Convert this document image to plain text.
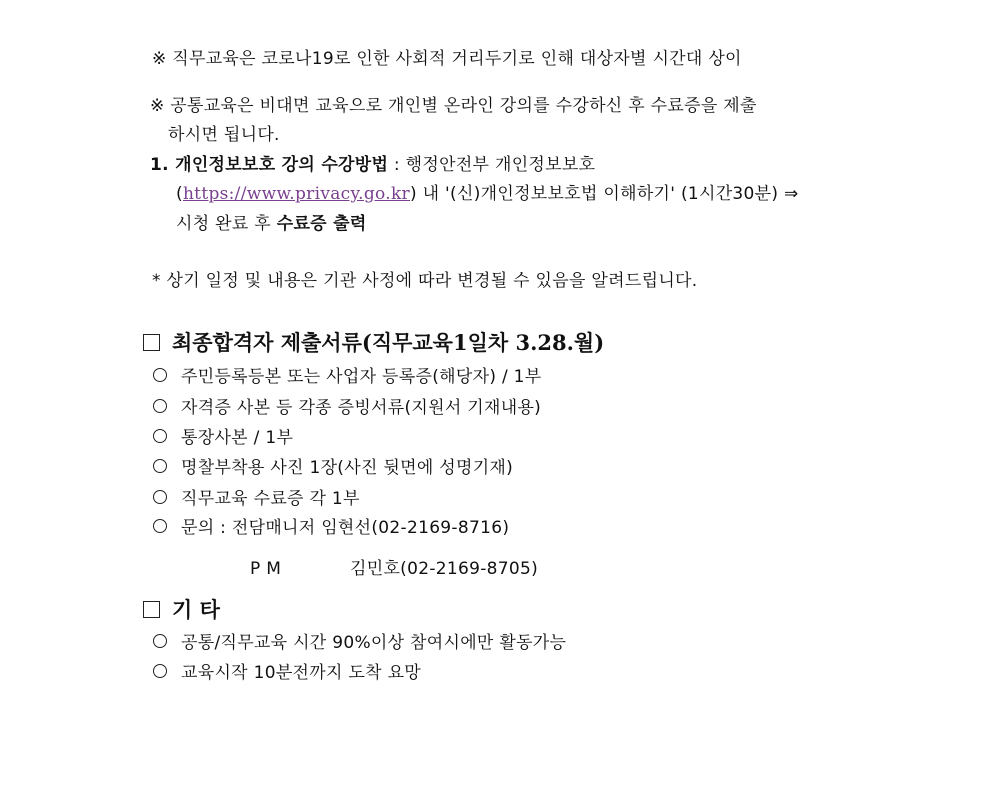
※ 직무교육은 코로나19로 인한 사회적 거리두기로 인해 대상자별 시간대 상이
※ 공통교육은 비대면 교육으로 개인별 온라인 강의를 수강하신 후 수료증을 제출
하시면 됩니다.
1. 개인정보보호 강의 수강방법 : 행정안전부 개인정보보호
(https://www.privacy.go.kr) 내 '(신)개인정보보호법 이해하기' (1시간30분) ⇒
시청 완료 후 수료증 출력
* 상기 일정 및 내용은 기관 사정에 따라 변경될 수 있음을 알려드립니다.
최종합격자 제출서류(직무교육1일차 3.28.월)
주민등록등본 또는 사업자 등록증(해당자) / 1부
자격증 사본 등 각종 증빙서류(지원서 기재내용)
통장사본 / 1부
명찰부착용 사진 1장(사진 뒷면에 성명기재)
직무교육 수료증 각 1부
문의 : 전담매니저 임현선(02-2169-8716)
P M	김민호(02-2169-8705)
기 타
공통/직무교육 시간 90%이상 참여시에만 활동가능
교육시작 10분전까지 도착 요망
